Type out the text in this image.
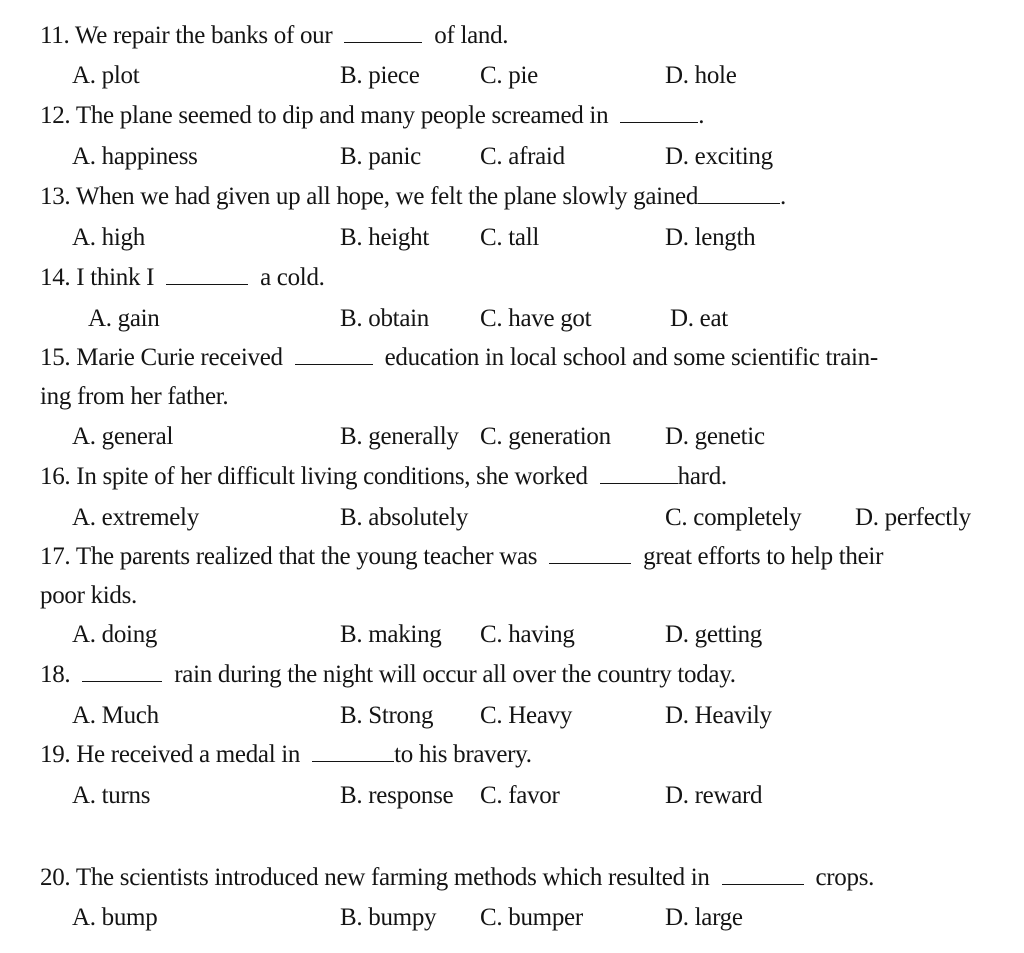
11. We repair the banks of our	of land.
A. plot	B. piece C. pie	D. hole
12. The plane seemed to dip and many people screamed in	.
A. happiness	B. panic C. afraid	D. exciting
13. When we had given up all hope, we felt the plane slowly gained	.
A. high	B. height C. tall	D. length
14. I think I	a cold.
A. gain	B. obtain C. have got	D. eat
15. Marie Curie received	education in local school and some scientific train-
ing from her father.
A. general	B. generally C. generation D. genetic
16. In spite of her difficult living conditions, she worked	hard.
A. extremely	B. absolutely	C. completely D. perfectly
17. The parents realized that the young teacher was	great efforts to help their
poor kids.
A. doing	B. making C. having	D. getting
18.	rain during the night will occur all over the country today.
A. Much	B. Strong C. Heavy	D. Heavily
19. He received a medal in	to his bravery.
A. turns	B. response C. favor	D. reward
20. The scientists introduced new farming methods which resulted in	crops.
A. bump	B. bumpy C. bumper	D. large
